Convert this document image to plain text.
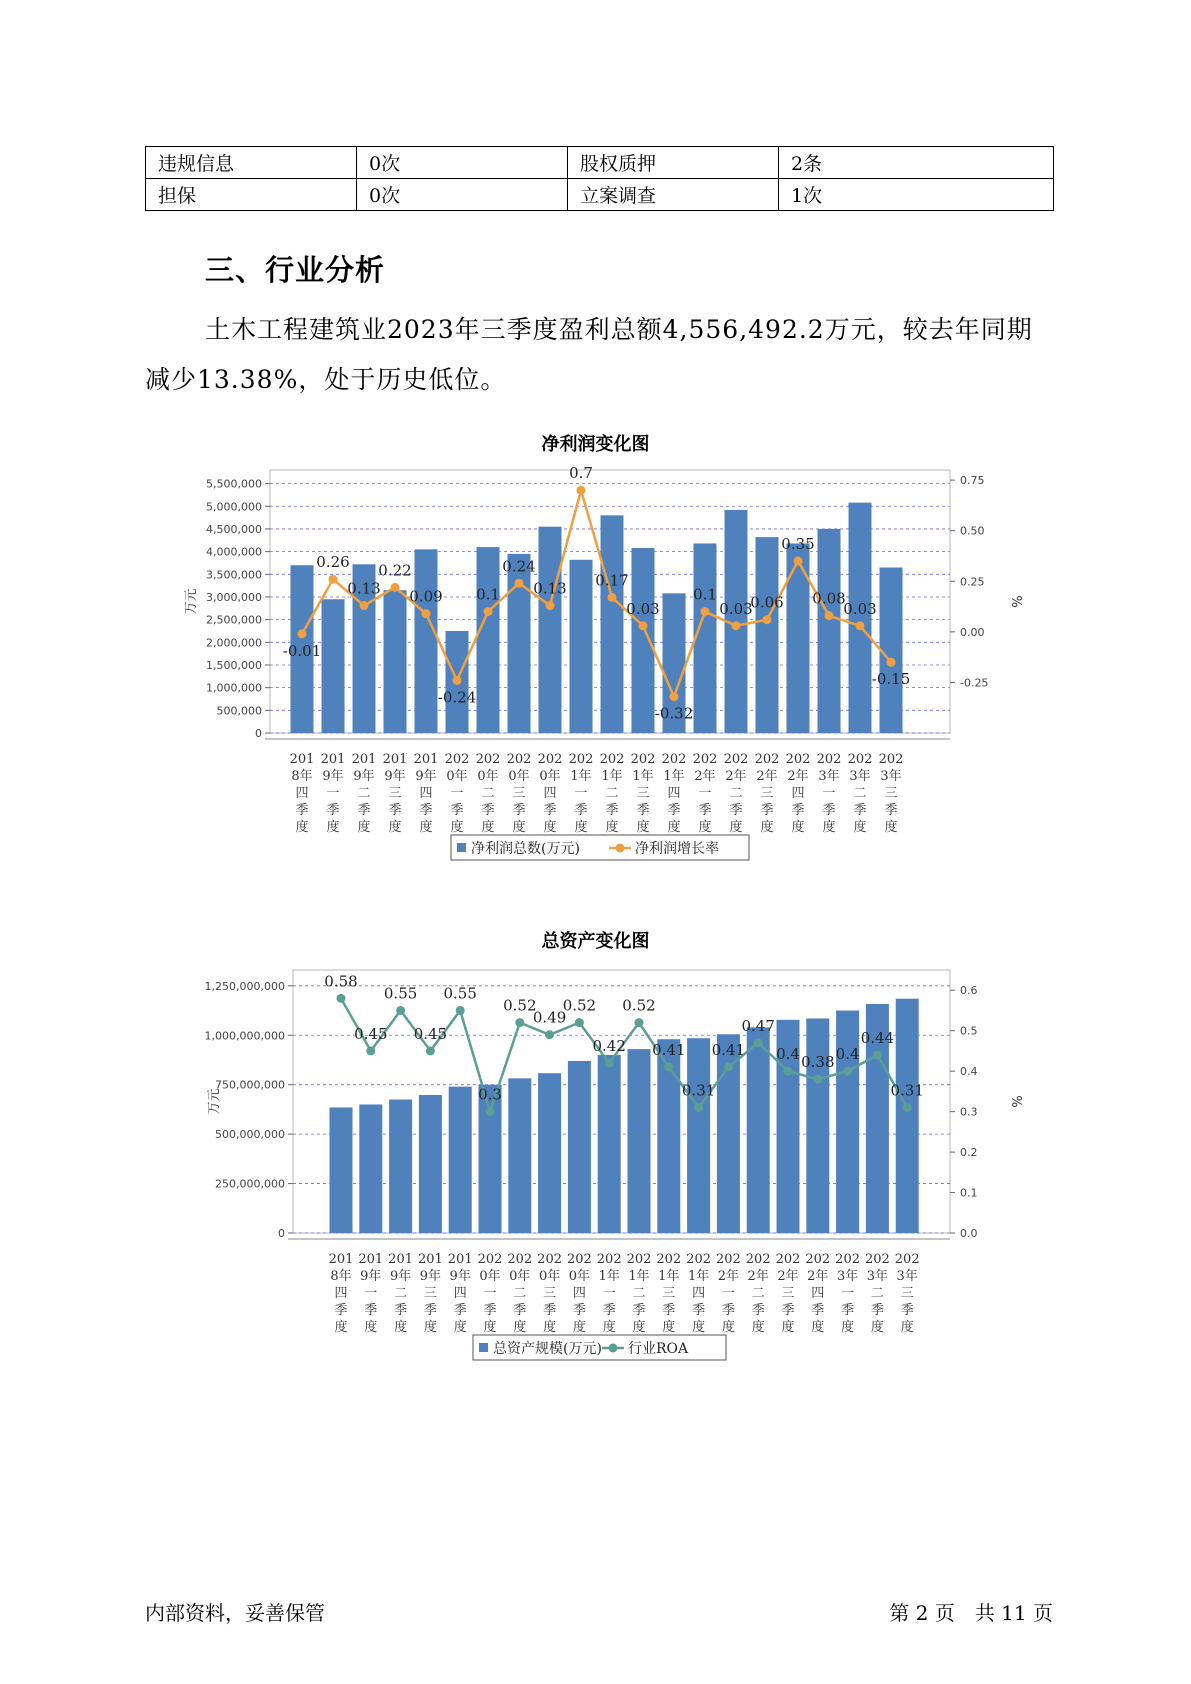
违规信息	0次	股权质押	2条
担保	0次	立案调查	1次
三、行业分析

土木工程建筑业2023年三季度盈利总额4,556,492.2万元，较去年同期减少13.38%，处于历史低位。

净利润变化图
0
500,000
1,000,000
1,500,000
2,000,000
2,500,000
3,000,000
3,500,000
4,000,000
4,500,000
5,000,000
5,500,000
-0.25
0.00
0.25
0.50
0.75
万元	%
-0.01
0.26
0.13
0.22
0.09
-0.24
0.1
0.24
0.13
0.7
0.17
0.03
-0.32
0.1
0.03
0.06
0.35
0.08
0.03
-0.15
201 8年四季度
201 9年一季度
201 9年二季度
201 9年三季度
201 9年四季度
202 0年一季度
202 0年二季度
202 0年三季度
202 0年四季度
202 1年一季度
202 1年二季度
202 1年三季度
202 1年四季度
202 2年一季度
202 2年二季度
202 2年三季度
202 2年四季度
202 3年一季度
202 3年二季度
202 3年三季度
净利润总数(万元)	净利润增长率
总资产变化图
0
250,000,000
500,000,000
750,000,000
1,000,000,000
1,250,000,000
0.0
0.1
0.2
0.3
0.4
0.5
0.6
万元	%
0.58
0.45
0.55
0.45
0.55
0.3
0.52
0.49
0.52
0.42
0.52
0.41
0.31
0.41
0.47
0.4 0.38 0.4
0.44
0.31
201 8年四季度
201 9年一季度
201 9年二季度
201 9年三季度
201 9年四季度
202 0年一季度
202 0年二季度
202 0年三季度
202 0年四季度
202 1年一季度
202 1年二季度
202 1年三季度
202 1年四季度
202 2年一季度
202 2年二季度
202 2年三季度
202 2年四季度
202 3年一季度
202 3年二季度
202 3年三季度
总资产规模(万元) 行业ROA
内部资料，妥善保管	第 2 页　共 11 页
